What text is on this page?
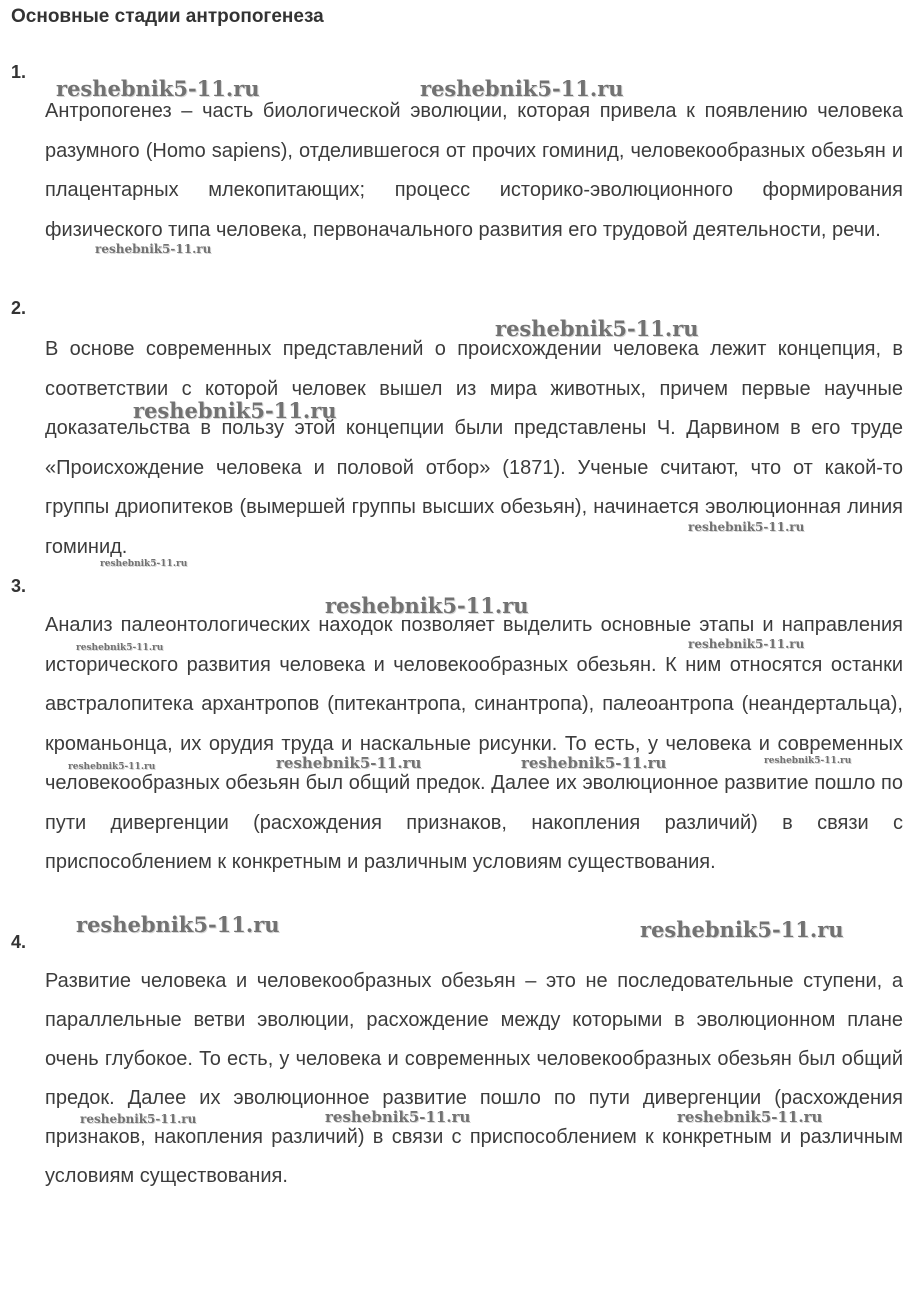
Основные стадии антропогенеза
1.
Антропогенез – часть биологической эволюции, которая привела к появлению человека разумного (Homo sapiens), отделившегося от прочих гоминид, человекообразных обезьян и плацентарных млекопитающих; процесс историко-эволюционного формирования физического типа человека, первоначального развития его трудовой деятельности, речи.
2.
В основе современных представлений о происхождении человека лежит концепция, в соответствии с которой человек вышел из мира животных, причем первые научные доказательства в пользу этой концепции были представлены Ч. Дарвином в его труде «Происхождение человека и половой отбор» (1871). Ученые считают, что от какой-то группы дриопитеков (вымершей группы высших обезьян), начинается эволюционная линия гоминид.
3.
Анализ палеонтологических находок позволяет выделить основные этапы и направления исторического развития человека и человекообразных обезьян. К ним относятся останки австралопитека архантропов (питекантропа, синантропа), палеоантропа (неандертальца), кроманьонца, их орудия труда и наскальные рисунки. То есть, у человека и современных человекообразных обезьян был общий предок. Далее их эволюционное развитие пошло по пути дивергенции (расхождения признаков, накопления различий) в связи с приспособлением к конкретным и различным условиям существования.
4.
Развитие человека и человекообразных обезьян – это не последовательные ступени, а параллельные ветви эволюции, расхождение между которыми в эволюционном плане очень глубокое. То есть, у человека и современных человекообразных обезьян был общий предок. Далее их эволюционное развитие пошло по пути дивергенции (расхождения признаков, накопления различий) в связи с приспособлением к конкретным и различным условиям существования.
reshebnik5-11.ru	reshebnik5-11.ru
reshebnik5-11.ru
reshebnik5-11.ru
reshebnik5-11.ru
reshebnik5-11.ru
reshebnik5-11.ru
reshebnik5-11.ru
reshebnik5-11.ru
reshebnik5-11.ru
reshebnik5-11.ru	reshebnik5-11.ru	reshebnik5-11.ru	reshebnik5-11.ru
reshebnik5-11.ru	reshebnik5-11.ru
reshebnik5-11.ru	reshebnik5-11.ru	reshebnik5-11.ru
